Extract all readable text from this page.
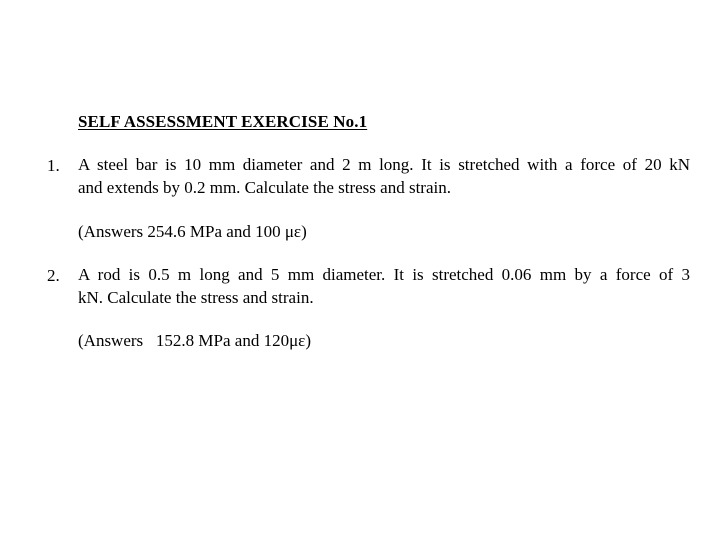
SELF ASSESSMENT EXERCISE No.1
1. A steel bar is 10 mm diameter and 2 m long. It is stretched with a force of 20 kN
and extends by 0.2 mm. Calculate the stress and strain.
(Answers 254.6 MPa and 100 με)
2. A rod is 0.5 m long and 5 mm diameter. It is stretched 0.06 mm by a force of 3
kN. Calculate the stress and strain.
(Answers   152.8 MPa and 120με)
